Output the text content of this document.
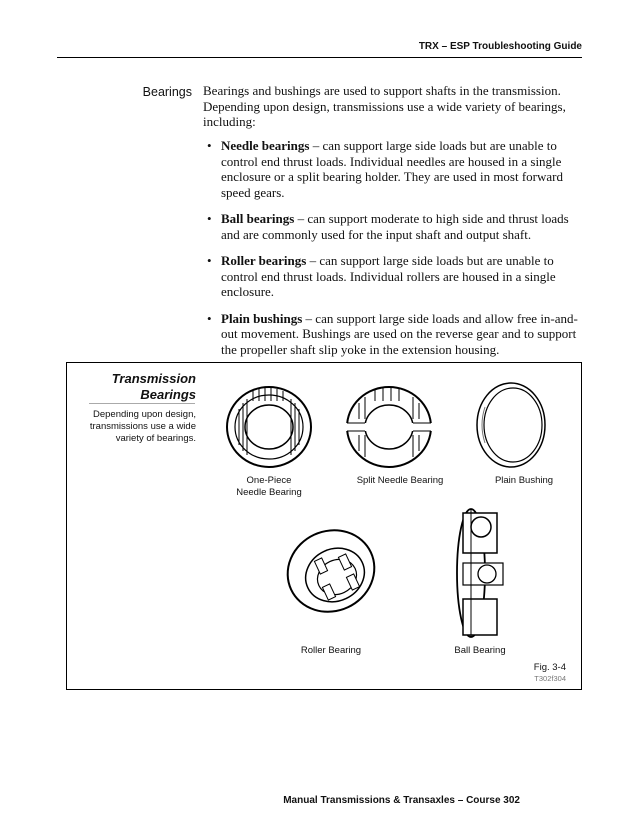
TRX – ESP Troubleshooting Guide
Bearings Bearings and bushings are used to support shafts in the transmission. Depending upon design, transmissions use a wide variety of bearings, including:

• Needle bearings – can support large side loads but are unable to control end thrust loads. Individual needles are housed in a single enclosure or a split bearing holder. They are used in most forward speed gears.
• Ball bearings – can support moderate to high side and thrust loads and are commonly used for the input shaft and output shaft.
• Roller bearings – can support large side loads but are unable to control end thrust loads. Individual rollers are housed in a single enclosure.
• Plain bushings – can support large side loads and allow free in-and-out movement. Bushings are used on the reverse gear and to support the propeller shaft slip yoke in the extension housing.
Transmission
Bearings
Depending upon design, transmissions use a wide variety of bearings.
One-Piece
Needle Bearing
Split Needle Bearing	Plain Bushing
Roller Bearing	Ball Bearing
Fig. 3-4
T302f304
Manual Transmissions & Transaxles – Course 302
